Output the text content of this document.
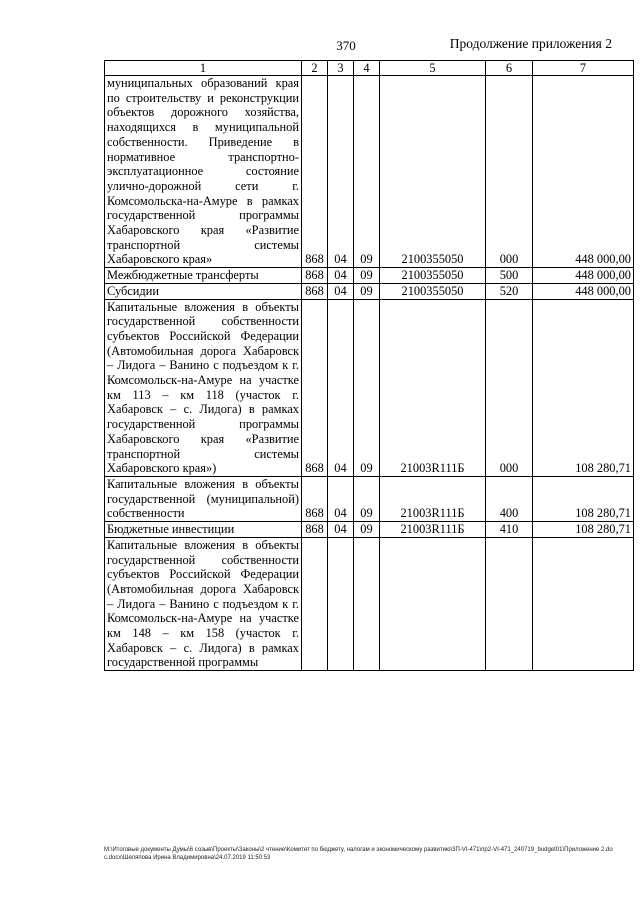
370	Продолжение приложения 2
1	2	3	4	5	6	7
муниципальных образований края по строительству и реконструкции объектов дорожного хозяйства, находящихся в муниципальной собственности. Приведение в нормативное транспортно-эксплуатационное состояние улично-дорожной сети г. Комсомольска-на-Амуре в рамках государственной программы Хабаровского края «Развитие транспортной системы Хабаровского края»	868	04	09	2100355050	000	448 000,00
Межбюджетные трансферты	868	04	09	2100355050	500	448 000,00
Субсидии	868	04	09	2100355050	520	448 000,00
Капитальные вложения в объекты государственной собственности субъектов Российской Федерации (Автомобильная дорога Хабаровск – Лидога – Ванино с подъездом к г. Комсомольск-на-Амуре на участке км 113 – км 118 (участок г. Хабаровск – с. Лидога) в рамках государственной программы Хабаровского края «Развитие транспортной системы Хабаровского края»)	868	04	09	21003R111Б	000	108 280,71
Капитальные вложения в объекты государственной (муниципальной) собственности	868	04	09	21003R111Б	400	108 280,71
Бюджетные инвестиции	868	04	09	21003R111Б	410	108 280,71
Капитальные вложения в объекты государственной собственности субъектов Российской Федерации (Автомобильная дорога Хабаровск – Лидога – Ванино с подъездом к г. Комсомольск-на-Амуре на участке км 148 – км 158 (участок г. Хабаровск – с. Лидога) в рамках государственной программы						
M:\Итоговые документы Думы\6 созыв\Проекты\Законы\2 чтение\Комитет по бюджету, налогам и экономическому развитию\3П-VI-471\пр2-VI-471_240719_budget01\Приложение 2.doc.docx\Шеляпова Ирина Владимировна\24.07.2019 11:50:53
